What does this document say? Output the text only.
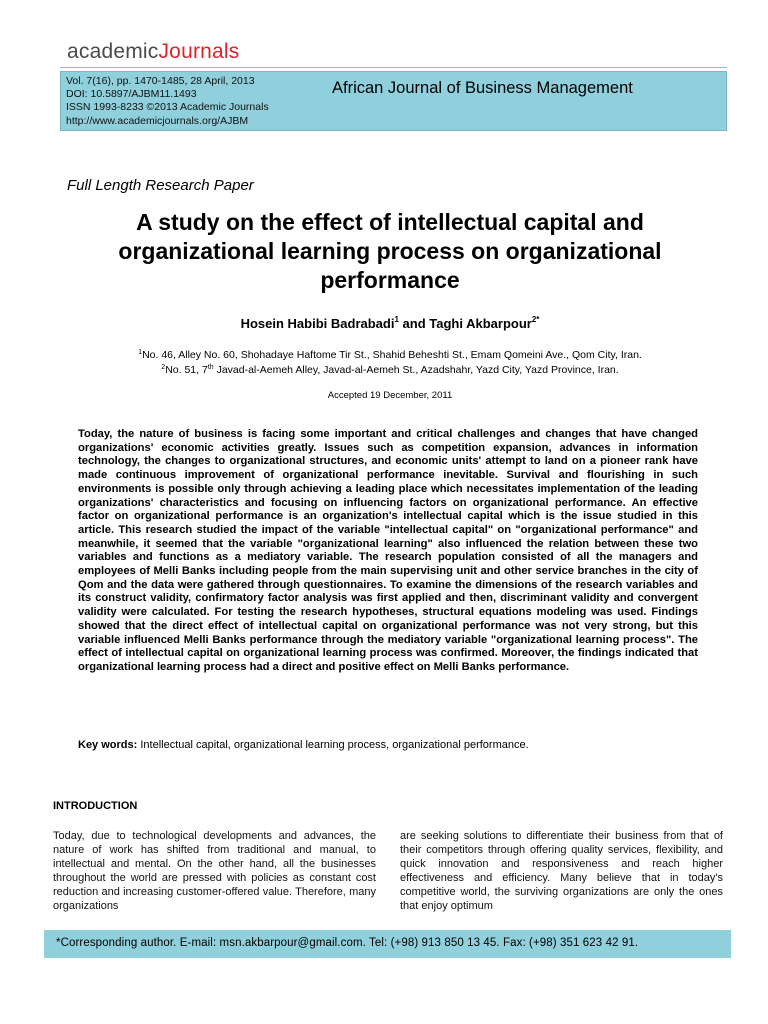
academicJournals
Vol. 7(16), pp. 1470-1485, 28 April, 2013
DOI: 10.5897/AJBM11.1493
ISSN 1993-8233 ©2013 Academic Journals
http://www.academicjournals.org/AJBM
African Journal of Business Management
Full Length Research Paper
A study on the effect of intellectual capital and organizational learning process on organizational performance
Hosein Habibi Badrabadi$^1$ and Taghi Akbarpour$^{2*}$
$^1$No. 46, Alley No. 60, Shohadaye Haftome Tir St., Shahid Beheshti St., Emam Qomeini Ave., Qom City, Iran.
$^2$No. 51, 7th Javad-al-Aemeh Alley, Javad-al-Aemeh St., Azadshahr, Yazd City, Yazd Province, Iran.
Accepted 19 December, 2011
Today, the nature of business is facing some important and critical challenges and changes that have changed organizations' economic activities greatly. Issues such as competition expansion, advances in information technology, the changes to organizational structures, and economic units' attempt to land on a pioneer rank have made continuous improvement of organizational performance inevitable. Survival and flourishing in such environments is possible only through achieving a leading place which necessitates implementation of the leading organizations' characteristics and focusing on influencing factors on organizational performance. An effective factor on organizational performance is an organization's intellectual capital which is the issue studied in this article. This research studied the impact of the variable "intellectual capital" on "organizational performance" and meanwhile, it seemed that the variable "organizational learning" also influenced the relation between these two variables and functions as a mediatory variable. The research population consisted of all the managers and employees of Melli Banks including people from the main supervising unit and other service branches in the city of Qom and the data were gathered through questionnaires. To examine the dimensions of the research variables and its construct validity, confirmatory factor analysis was first applied and then, discriminant validity and convergent validity were calculated. For testing the research hypotheses, structural equations modeling was used. Findings showed that the direct effect of intellectual capital on organizational performance was not very strong, but this variable influenced Melli Banks performance through the mediatory variable "organizational learning process". The effect of intellectual capital on organizational learning process was confirmed. Moreover, the findings indicated that organizational learning process had a direct and positive effect on Melli Banks performance.
Key words: Intellectual capital, organizational learning process, organizational performance.
INTRODUCTION
Today, due to technological developments and advances, the nature of work has shifted from traditional and manual, to intellectual and mental. On the other hand, all the businesses throughout the world are pressed with policies as constant cost reduction and increasing customer-offered value. Therefore, many organizations
are seeking solutions to differentiate their business from that of their competitors through offering quality services, flexibility, and quick innovation and responsiveness and reach higher effectiveness and efficiency. Many believe that in today's competitive world, the surviving organizations are only the ones that enjoy optimum
*Corresponding author. E-mail: msn.akbarpour@gmail.com. Tel: (+98) 913 850 13 45. Fax: (+98) 351 623 42 91.
